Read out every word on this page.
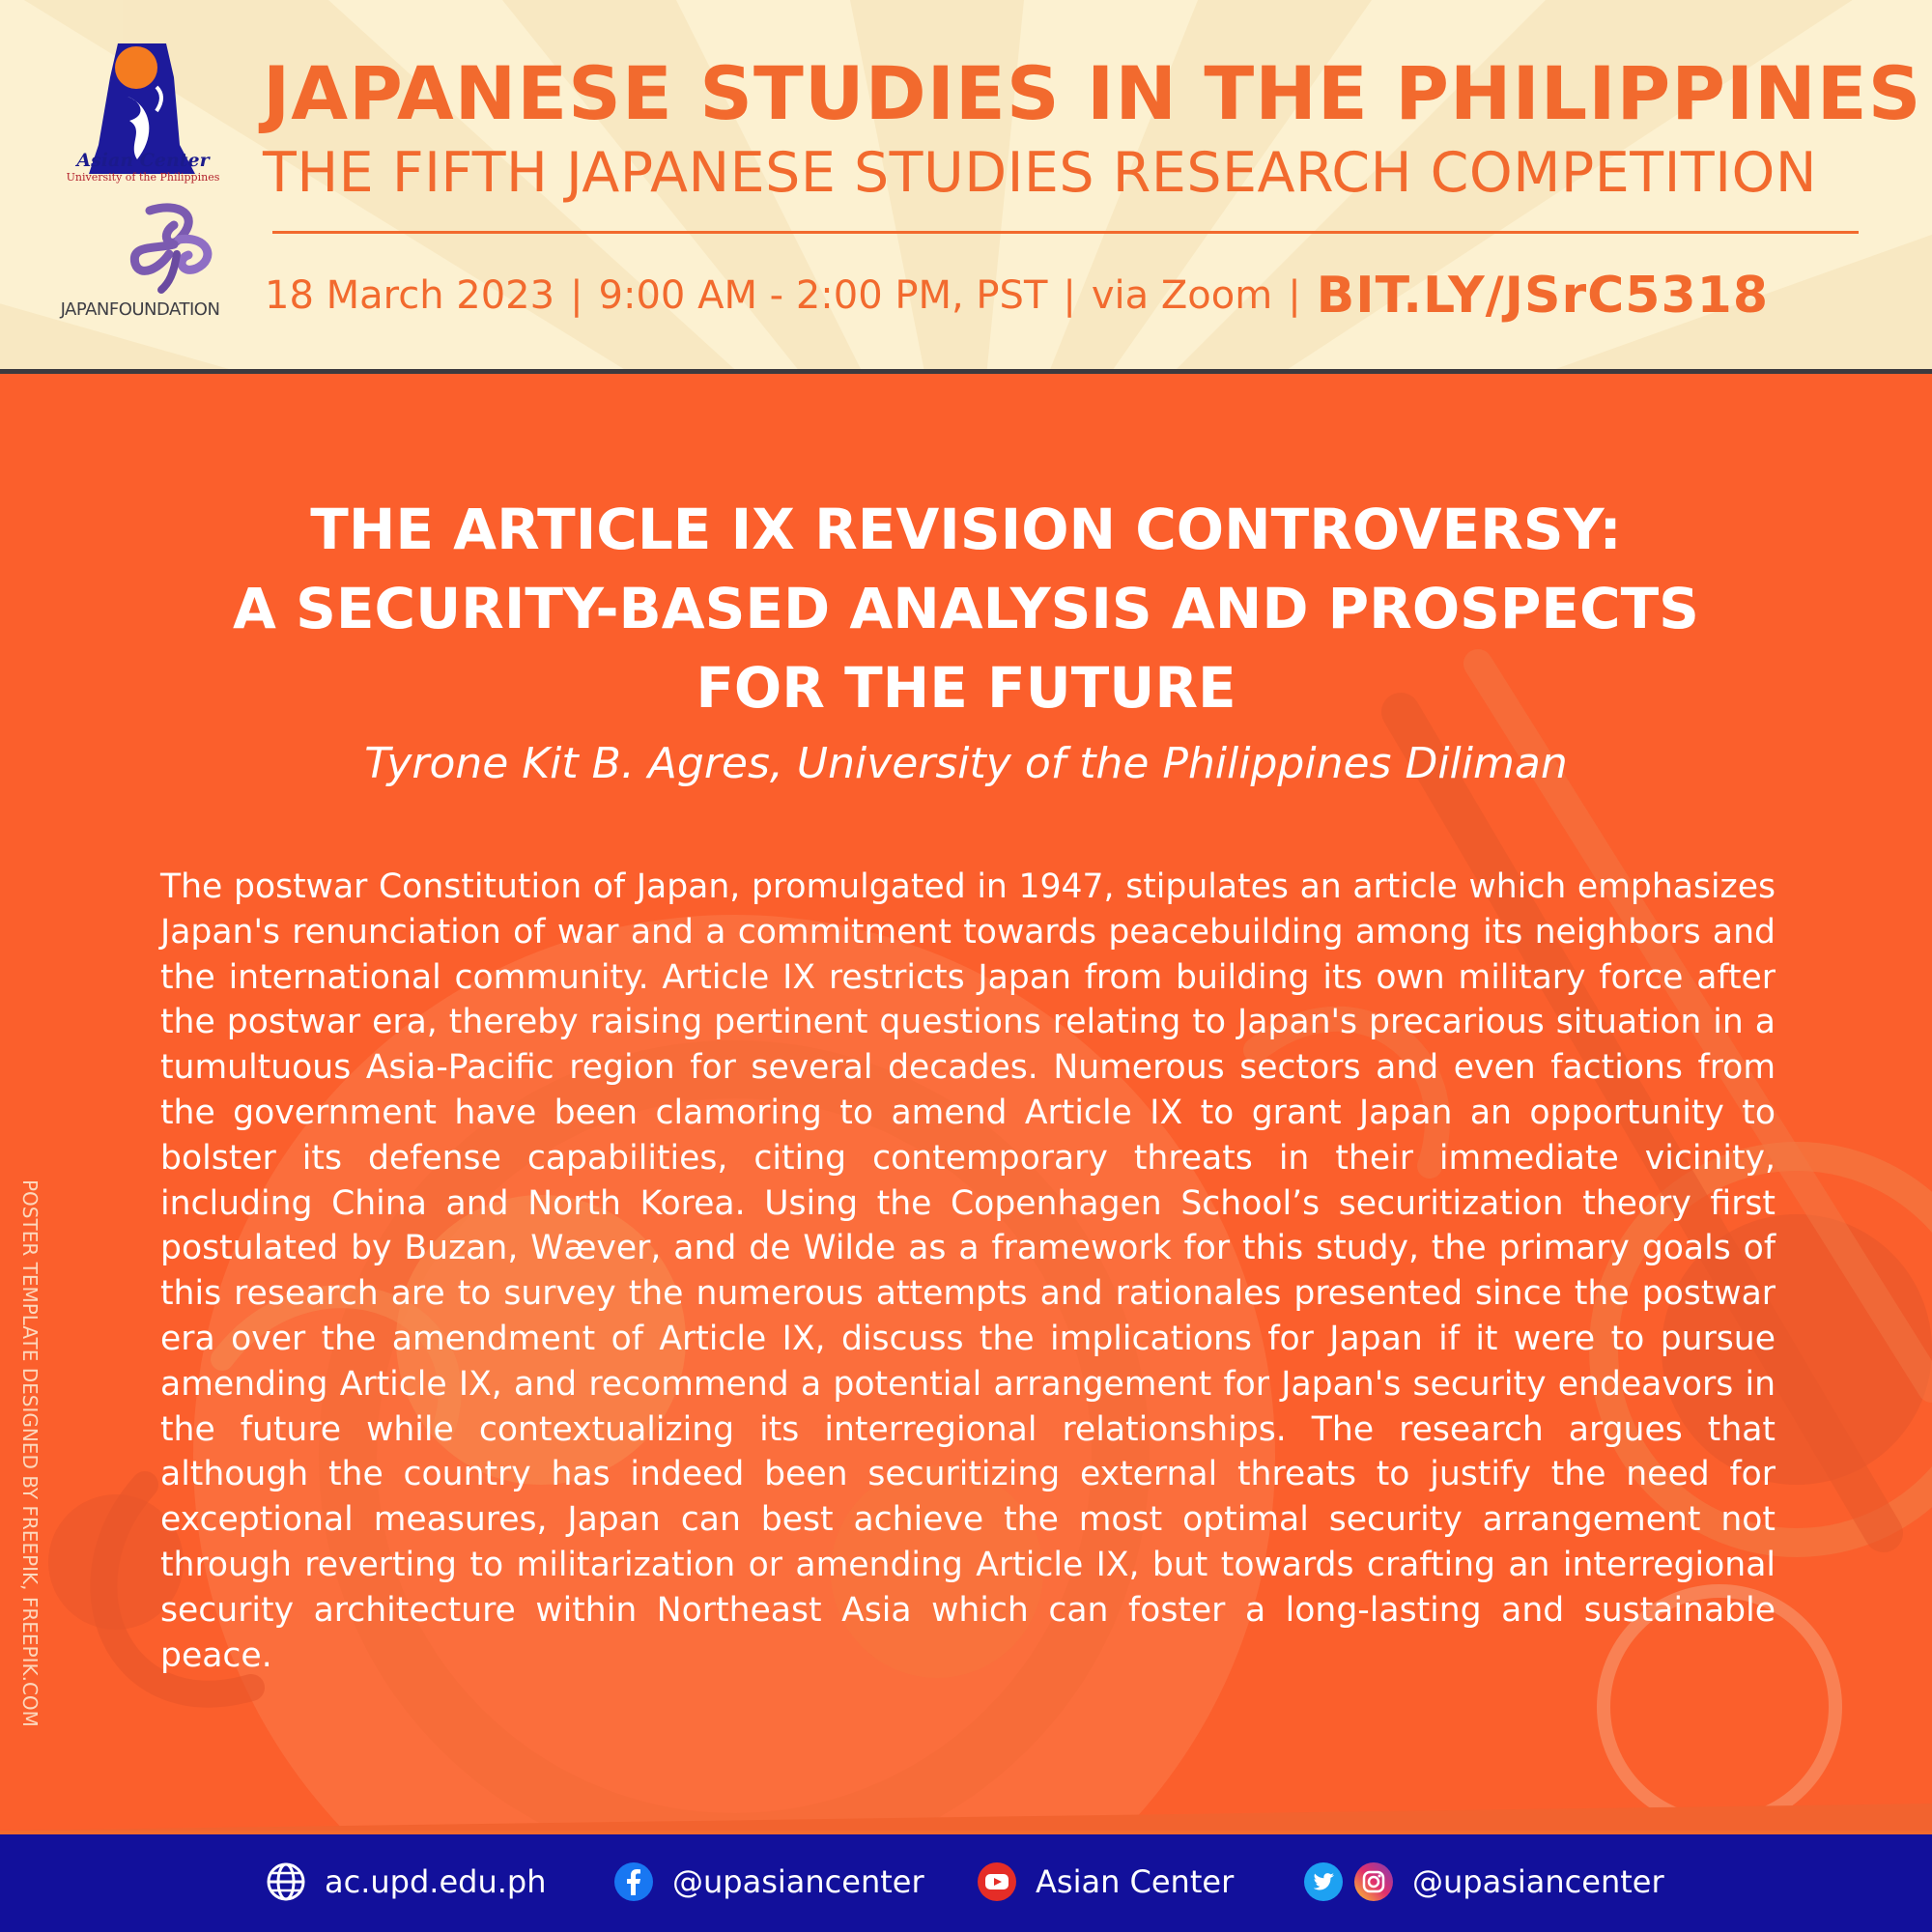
Asian Center
University of the Philippines
JAPANFOUNDATION
JAPANESE STUDIES IN THE PHILIPPINES
THE FIFTH JAPANESE STUDIES RESEARCH COMPETITION
18 March 2023 | 9:00 AM - 2:00 PM, PST | via Zoom | BIT.LY/JSrC5318
THE ARTICLE IX REVISION CONTROVERSY:
A SECURITY-BASED ANALYSIS AND PROSPECTS
FOR THE FUTURE
Tyrone Kit B. Agres, University of the Philippines Diliman
The postwar Constitution of Japan, promulgated in 1947, stipulates an article which emphasizes Japan's renunciation of war and a commitment towards peacebuilding among its neighbors and the international community. Article IX restricts Japan from building its own military force after the postwar era, thereby raising pertinent questions relating to Japan's precarious situation in a tumultuous Asia-Pacific region for several decades. Numerous sectors and even factions from the government have been clamoring to amend Article IX to grant Japan an opportunity to bolster its defense capabilities, citing contemporary threats in their immediate vicinity, including China and North Korea. Using the Copenhagen School’s securitization theory first postulated by Buzan, Wæver, and de Wilde as a framework for this study, the primary goals of this research are to survey the numerous attempts and rationales presented since the postwar era over the amendment of Article IX, discuss the implications for Japan if it were to pursue amending Article IX, and recommend a potential arrangement for Japan's security endeavors in the future while contextualizing its interregional relationships. The research argues that although the country has indeed been securitizing external threats to justify the need for exceptional measures, Japan can best achieve the most optimal security arrangement not through reverting to militarization or amending Article IX, but towards crafting an interregional security architecture within Northeast Asia which can foster a long-lasting and sustainable peace.
POSTER TEMPLATE DESIGNED BY FREEPIK, FREEPIK.COM
ac.upd.edu.ph	@upasiancenter	Asian Center	@upasiancenter
